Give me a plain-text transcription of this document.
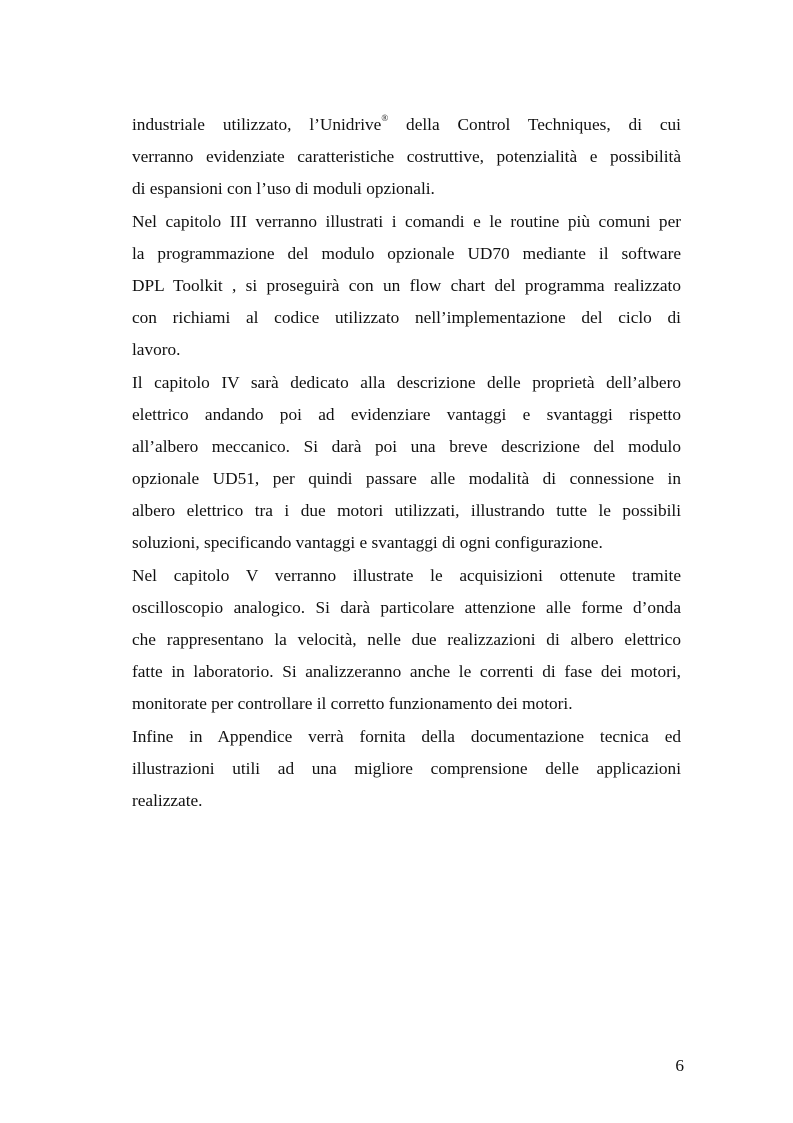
industriale utilizzato, l’Unidrive® della Control Techniques, di cui
verranno evidenziate caratteristiche costruttive, potenzialità e possibilità
di espansioni con l’uso di moduli opzionali.

Nel capitolo III verranno illustrati i comandi e le routine più comuni per
la programmazione del modulo opzionale UD70 mediante il software
DPL Toolkit , si proseguirà con un flow chart del programma realizzato
con richiami al codice utilizzato nell’implementazione del ciclo di
lavoro.

Il capitolo IV sarà dedicato alla descrizione delle proprietà dell’albero
elettrico andando poi ad evidenziare vantaggi e svantaggi rispetto
all’albero meccanico. Si darà poi una breve descrizione del modulo
opzionale UD51, per quindi passare alle modalità di connessione in
albero elettrico tra i due motori utilizzati, illustrando tutte le possibili
soluzioni, specificando vantaggi e svantaggi di ogni configurazione.

Nel capitolo V verranno illustrate le acquisizioni ottenute tramite
oscilloscopio analogico. Si darà particolare attenzione alle forme d’onda
che rappresentano la velocità, nelle due realizzazioni di albero elettrico
fatte in laboratorio. Si analizzeranno anche le correnti di fase dei motori,
monitorate per controllare il corretto funzionamento dei motori.

Infine in Appendice verrà fornita della documentazione tecnica ed
illustrazioni utili ad una migliore comprensione delle applicazioni
realizzate.

6
